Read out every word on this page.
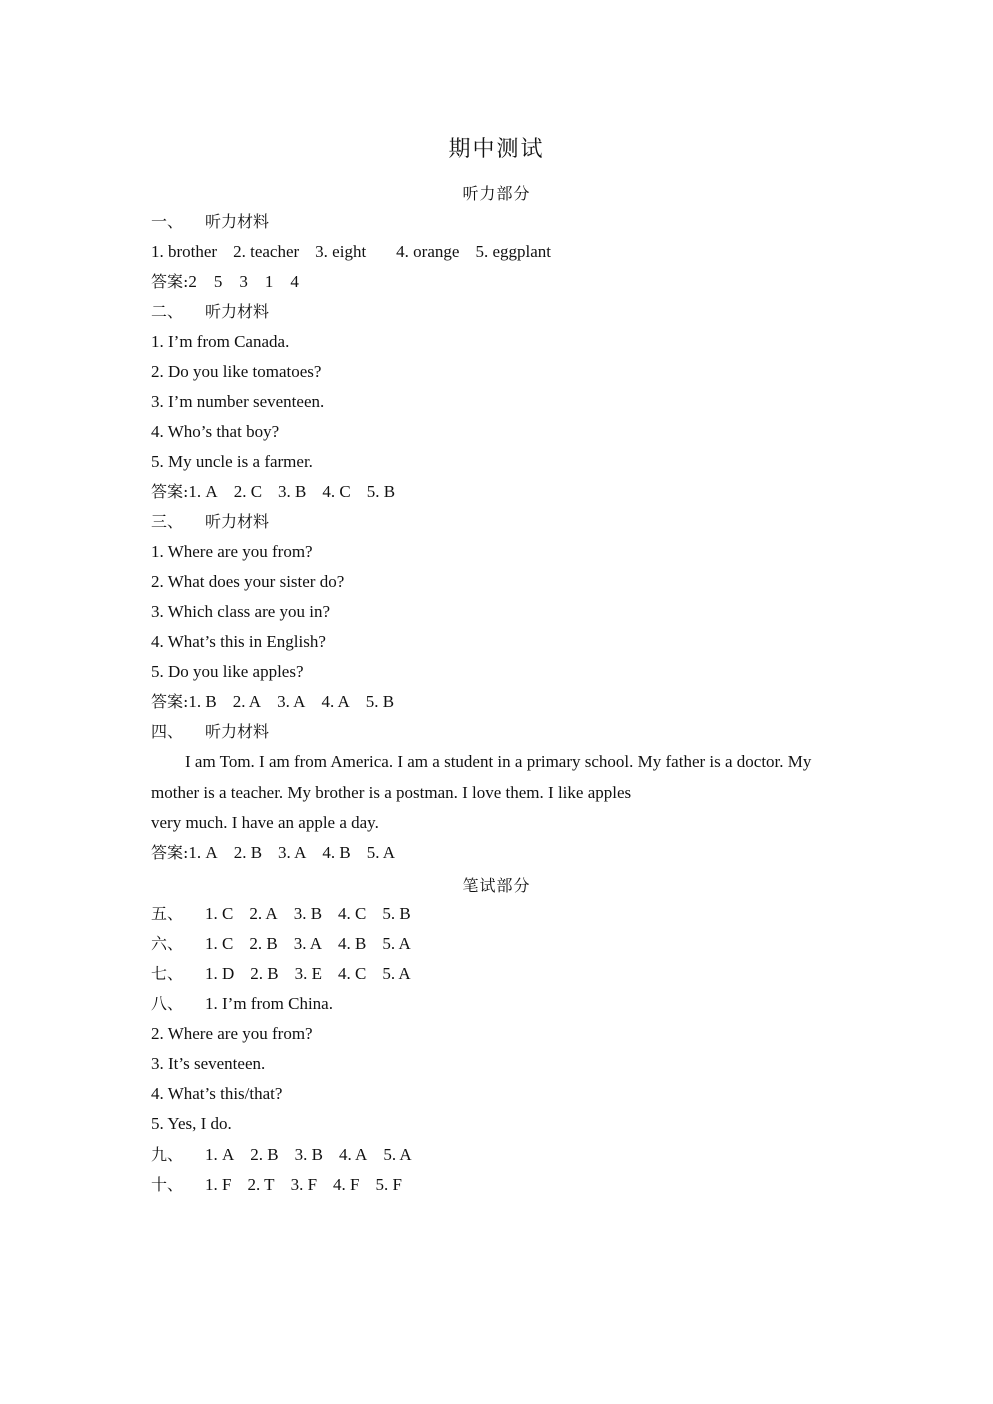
期中测试
听力部分
一、 听力材料
1. brother 2. teacher 3. eight 4. orange 5. eggplant
答案:2 5 3 1 4
二、 听力材料
1. I’m from Canada.
2. Do you like tomatoes?
3. I’m number seventeen.
4. Who’s that boy?
5. My uncle is a farmer.
答案:1. A 2. C 3. B 4. C 5. B
三、 听力材料
1. Where are you from?
2. What does your sister do?
3. Which class are you in?
4. What’s this in English?
5. Do you like apples?
答案:1. B 2. A 3. A 4. A 5. B
四、 听力材料
I am Tom. I am from America. I am a student in a primary school. My father is a doctor. My
mother is a teacher. My brother is a postman. I love them. I like apples
very much. I have an apple a day.
答案:1. A 2. B 3. A 4. B 5. A
笔试部分
五、 1. C 2. A 3. B 4. C 5. B
六、 1. C 2. B 3. A 4. B 5. A
七、 1. D 2. B 3. E 4. C 5. A
八、 1. I’m from China.
2. Where are you from?
3. It’s seventeen.
4. What’s this/that?
5. Yes, I do.
九、 1. A 2. B 3. B 4. A 5. A
十、 1. F 2. T 3. F 4. F 5. F
